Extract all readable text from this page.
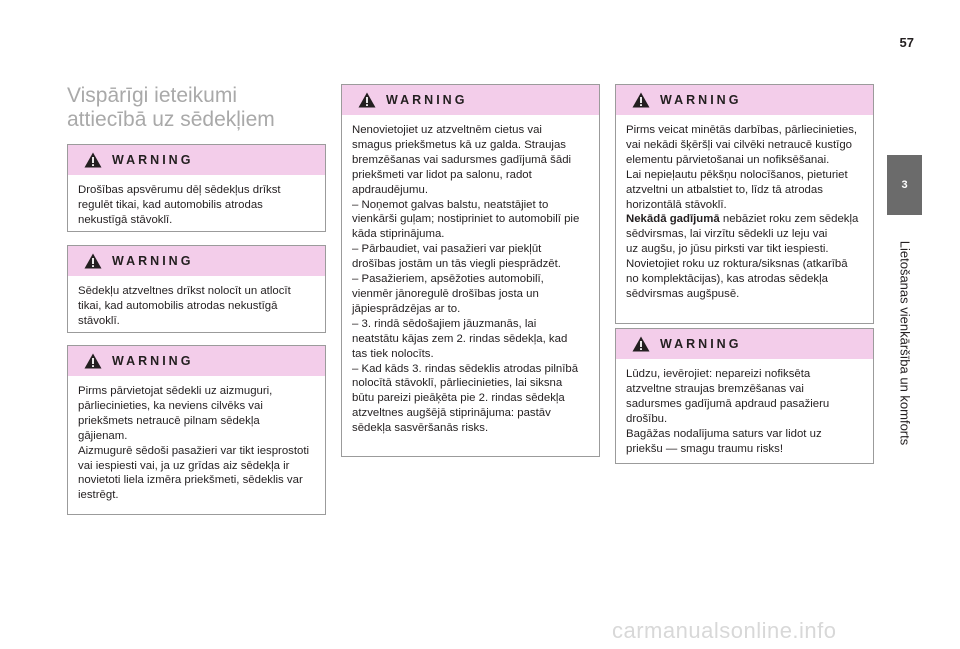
57
3
Lietošanas vienkāršība un komforts
Vispārīgi ieteikumi
attiecībā uz sēdekļiem
WARNING

Drošības apsvērumu dēļ sēdekļus drīkst

regulēt tikai, kad automobilis atrodas

nekustīgā stāvoklī.

WARNING

Sēdekļu atzveltnes drīkst nolocīt un atlocīt

tikai, kad automobilis atrodas nekustīgā

stāvoklī.

WARNING

Pirms pārvietojat sēdekli uz aizmuguri,

pārliecinieties, ka neviens cilvēks vai

priekšmets netraucē pilnam sēdekļa

gājienam.

Aizmugurē sēdoši pasažieri var tikt iesprostoti

vai iespiesti vai, ja uz grīdas aiz sēdekļa ir

novietoti liela izmēra priekšmeti, sēdeklis var

iestrēgt.

WARNING

Nenovietojiet uz atzveltnēm cietus vai

smagus priekšmetus kā uz galda. Straujas

bremzēšanas vai sadursmes gadījumā šādi

priekšmeti var lidot pa salonu, radot

apdraudējumu.

– Noņemot galvas balstu, neatstājiet to

vienkārši guļam; nostipriniet to automobilī pie

kāda stiprinājuma.

– Pārbaudiet, vai pasažieri var piekļūt

drošības jostām un tās viegli piesprādzēt.

– Pasažieriem, apsēžoties automobilī,

vienmēr jānoregulē drošības josta un

jāpiesprādzējas ar to.

– 3. rindā sēdošajiem jāuzmanās, lai

neatstātu kājas zem 2. rindas sēdekļa, kad

tas tiek nolocīts.

– Kad kāds 3. rindas sēdeklis atrodas pilnībā

nolocītā stāvoklī, pārliecinieties, lai siksna

būtu pareizi pieāķēta pie 2. rindas sēdekļa

atzveltnes augšējā stiprinājuma: pastāv

sēdekļa sasvēršanās risks.

WARNING

Pirms veicat minētās darbības, pārliecinieties,

vai nekādi šķēršļi vai cilvēki netraucē kustīgo

elementu pārvietošanai un nofiksēšanai.

Lai nepieļautu pēkšņu nolocīšanos, pieturiet

atzveltni un atbalstiet to, līdz tā atrodas

horizontālā stāvoklī.

Nekādā gadījumā nebāziet roku zem sēdekļa

sēdvirsmas, lai virzītu sēdekli uz leju vai

uz augšu, jo jūsu pirksti var tikt iespiesti.

Novietojiet roku uz roktura/siksnas (atkarībā

no komplektācijas), kas atrodas sēdekļa

sēdvirsmas augšpusē.

WARNING

Lūdzu, ievērojiet: nepareizi nofiksēta

atzveltne straujas bremzēšanas vai

sadursmes gadījumā apdraud pasažieru

drošību.

Bagāžas nodalījuma saturs var lidot uz

priekšu — smagu traumu risks!

carmanualsonline.info
